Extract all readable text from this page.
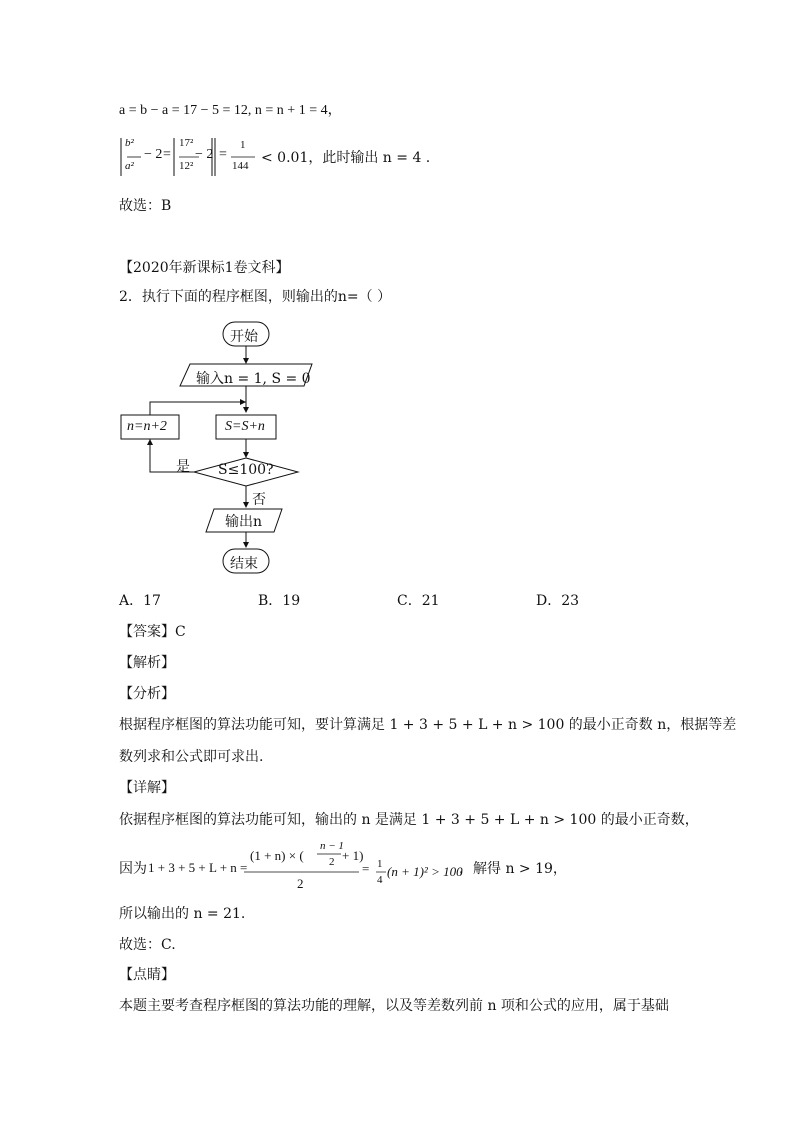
a = b − a = 17 − 5 = 12, n = n + 1 = 4，
b²
a²
− 2 =
17²
12²
− 2 =
1
144 < 0.01，此时输出 n = 4 .
故选：B
【2020年新课标1卷文科】
2．执行下面的程序框图，则输出的n=（ ）
开始
输入n = 1, S = 0
S=S+n
n=n+2
S≤100?
是
否
输出n
结束
A．17	B．19	C．21	D．23
【答案】C
【解析】
【分析】
根据程序框图的算法功能可知，要计算满足 1 + 3 + 5 + L + n > 100 的最小正奇数 n，根据等差
数列求和公式即可求出.
【详解】
依据程序框图的算法功能可知，输出的 n 是满足 1 + 3 + 5 + L + n > 100 的最小正奇数，
因为 1 + 3 + 5 + L + n =
(1 + n) × (
n − 1
2 + 1)
2
= 1
4
(n + 1)² > 100
，解得 n > 19，
所以输出的 n = 21.
故选：C.
【点睛】
本题主要考查程序框图的算法功能的理解，以及等差数列前 n 项和公式的应用，属于基础
